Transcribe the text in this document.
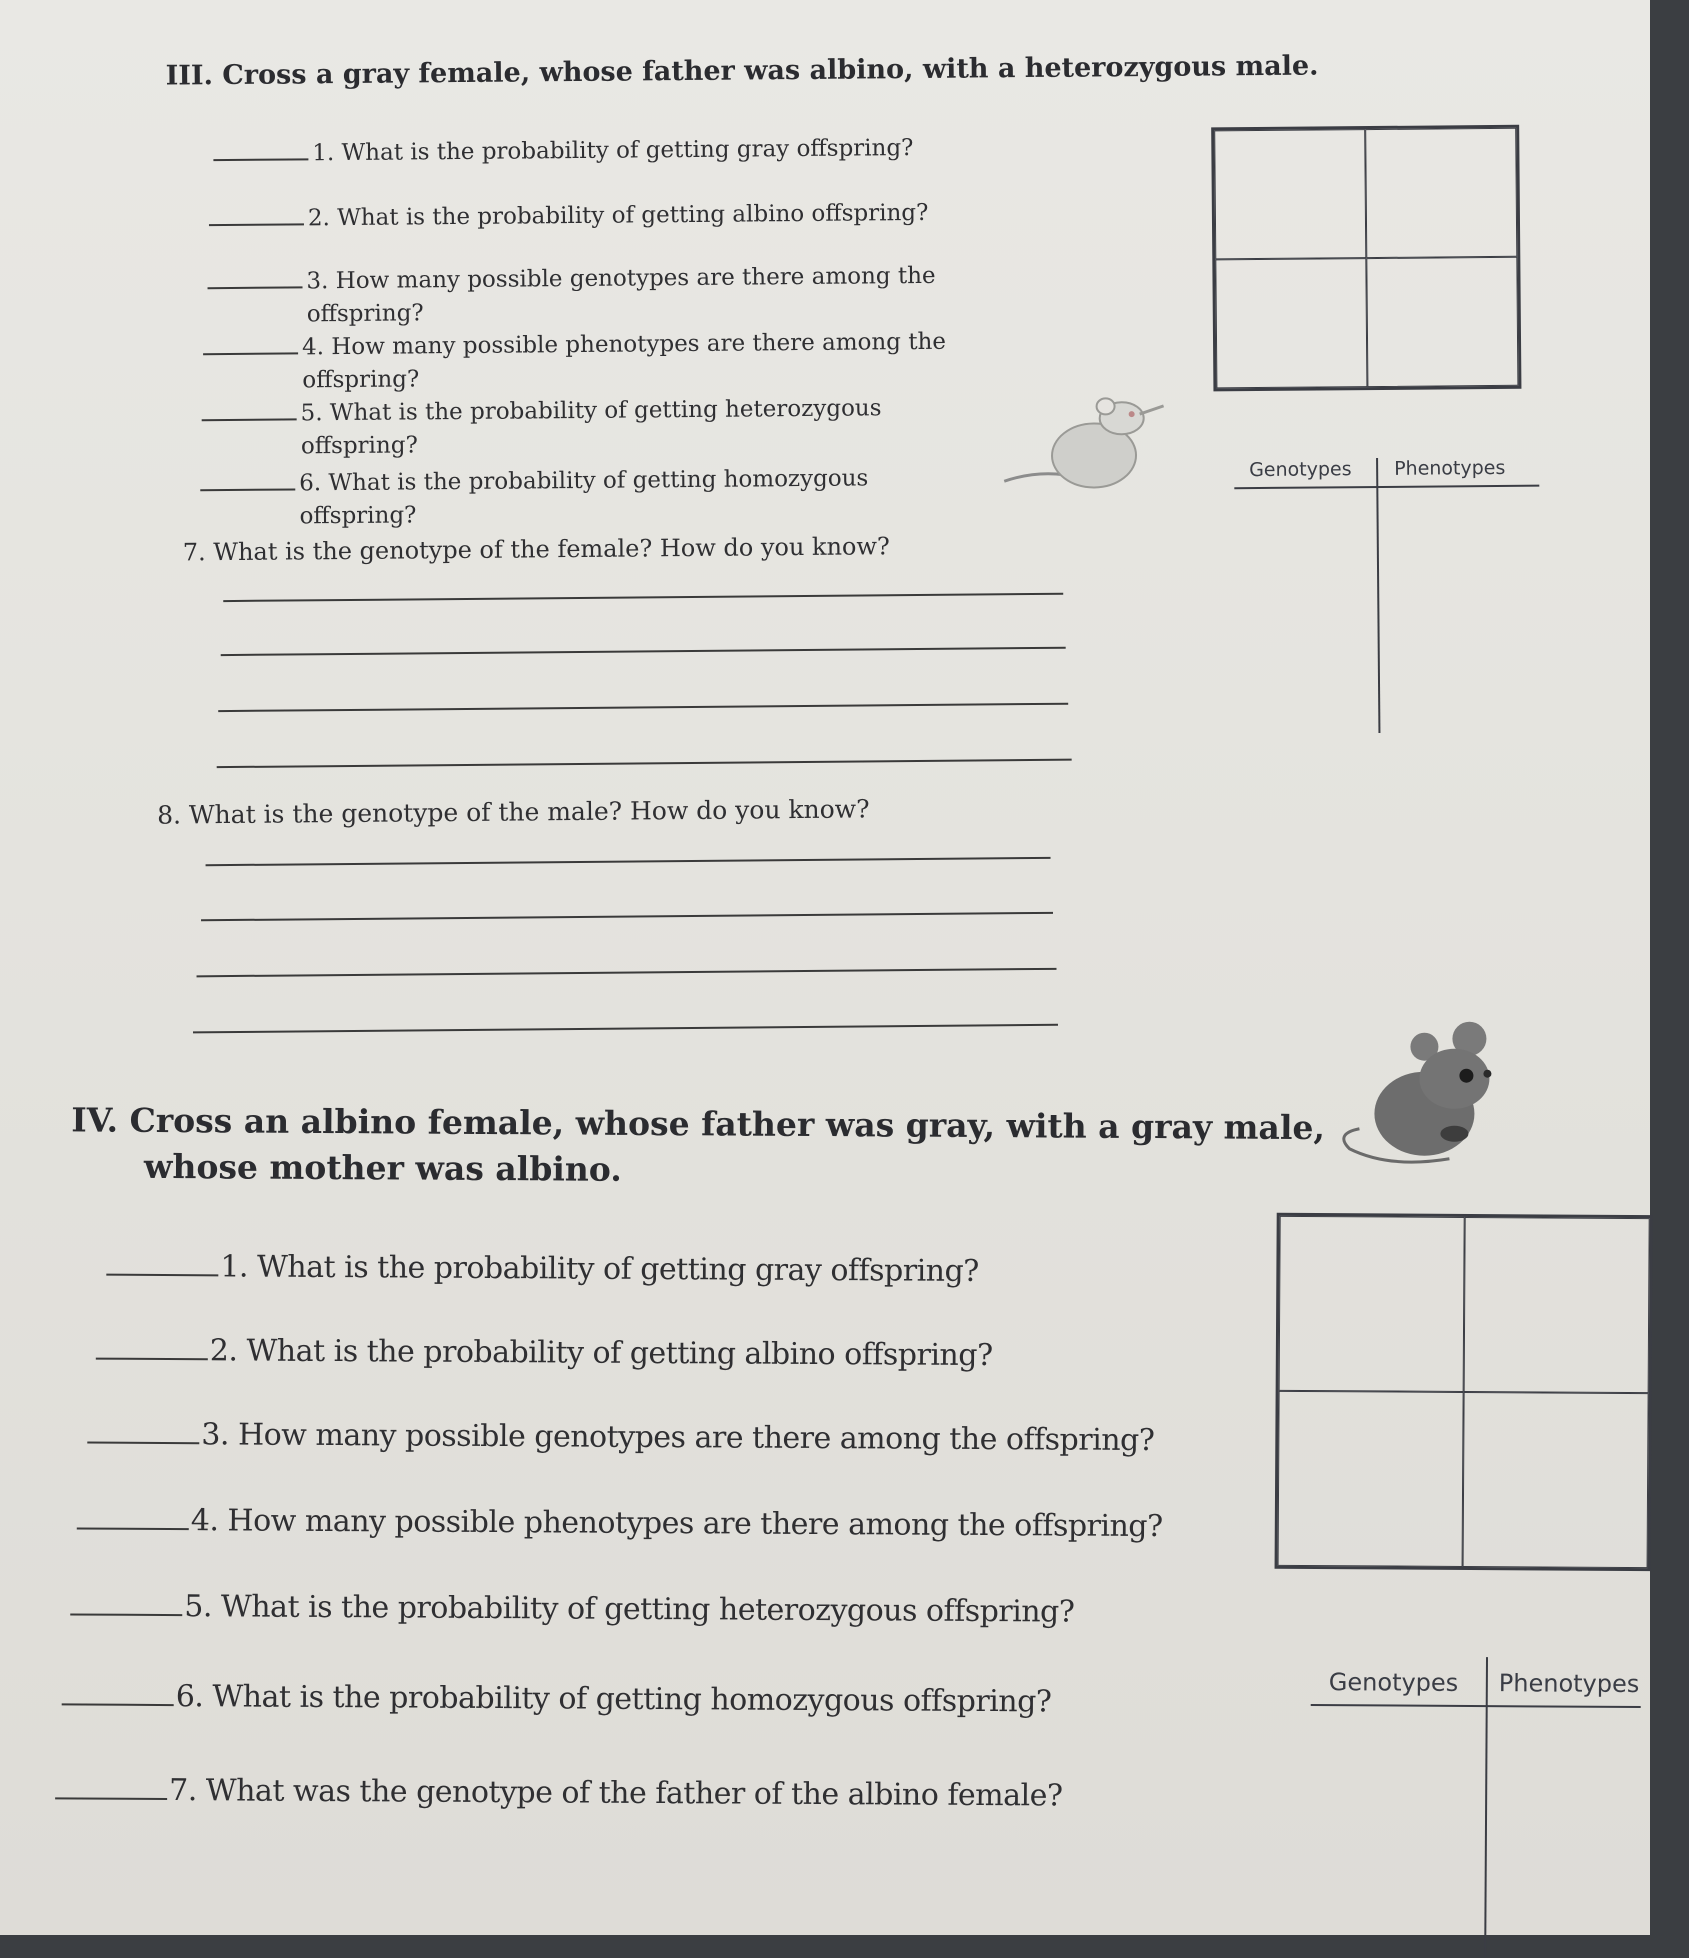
III. Cross a gray female, whose father was albino, with a heterozygous male.
1. What is the probability of getting gray offspring?
2. What is the probability of getting albino offspring?
3. How many possible genotypes are there among the
offspring?
4. How many possible phenotypes are there among the
offspring?
5. What is the probability of getting heterozygous
offspring?
6. What is the probability of getting homozygous
offspring?
7. What is the genotype of the female? How do you know?
8. What is the genotype of the male? How do you know?
Genotypes Phenotypes
IV. Cross an albino female, whose father was gray, with a gray male,
whose mother was albino.
1. What is the probability of getting gray offspring?
2. What is the probability of getting albino offspring?
3. How many possible genotypes are there among the offspring?
4. How many possible phenotypes are there among the offspring?
5. What is the probability of getting heterozygous offspring?
6. What is the probability of getting homozygous offspring?
7. What was the genotype of the father of the albino female?
Genotypes Phenotypes
